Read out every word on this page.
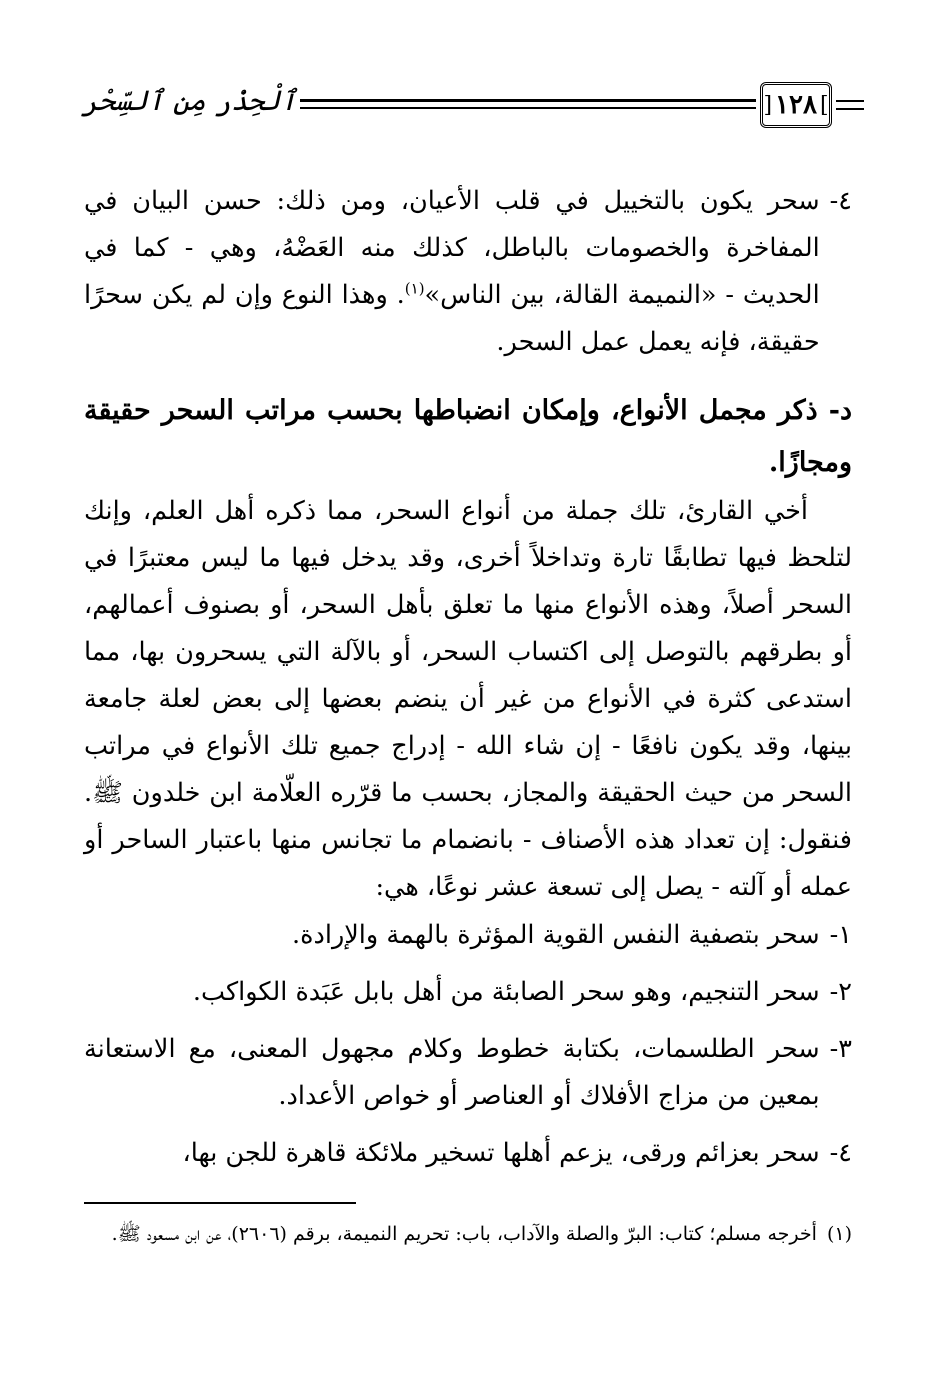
] ١٢٨ [
ٱلْحِذْر مِن ٱلسِّحْر
٤-
سحر يكون بالتخييل في قلب الأعيان، ومن ذلك: حسن البيان في المفاخرة والخصومات بالباطل، كذلك منه العَضْهُ، وهي - كما في الحديث - «النميمة القالة، بين الناس»$^{(١)}$. وهذا النوع وإن لم يكن سحرًا حقيقة، فإنه يعمل عمل السحر.
د- ذكر مجمل الأنواع، وإمكان انضباطها بحسب مراتب السحر حقيقة ومجازًا.
أخي القارئ، تلك جملة من أنواع السحر، مما ذكره أهل العلم، وإنك لتلحظ فيها تطابقًا تارة وتداخلاً أخرى، وقد يدخل فيها ما ليس معتبرًا في السحر أصلاً، وهذه الأنواع منها ما تعلق بأهل السحر، أو بصنوف أعمالهم، أو بطرقهم بالتوصل إلى اكتساب السحر، أو بالآلة التي يسحرون بها، مما استدعى كثرة في الأنواع من غير أن ينضم بعضها إلى بعض لعلة جامعة بينها، وقد يكون نافعًا - إن شاء الله - إدراج جميع تلك الأنواع في مراتب السحر من حيث الحقيقة والمجاز، بحسب ما قرّره العلّامة ابن خلدون ﷺ. فنقول: إن تعداد هذه الأصناف - بانضمام ما تجانس منها باعتبار الساحر أو عمله أو آلته - يصل إلى تسعة عشر نوعًا، هي:
١-
سحر بتصفية النفس القوية المؤثرة بالهمة والإرادة.
٢-
سحر التنجيم، وهو سحر الصابئة من أهل بابل عَبَدة الكواكب.
٣-
سحر الطلسمات، بكتابة خطوط وكلام مجهول المعنى، مع الاستعانة بمعين من مزاج الأفلاك أو العناصر أو خواص الأعداد.
٤-
سحر بعزائم ورقى، يزعم أهلها تسخير ملائكة قاهرة للجن بها،
(١)
أخرجه مسلم؛ كتاب: البرّ والصلة والآداب، باب: تحريم النميمة، برقم (٢٦٠٦)، عن ابن مسعود ﷺ.
